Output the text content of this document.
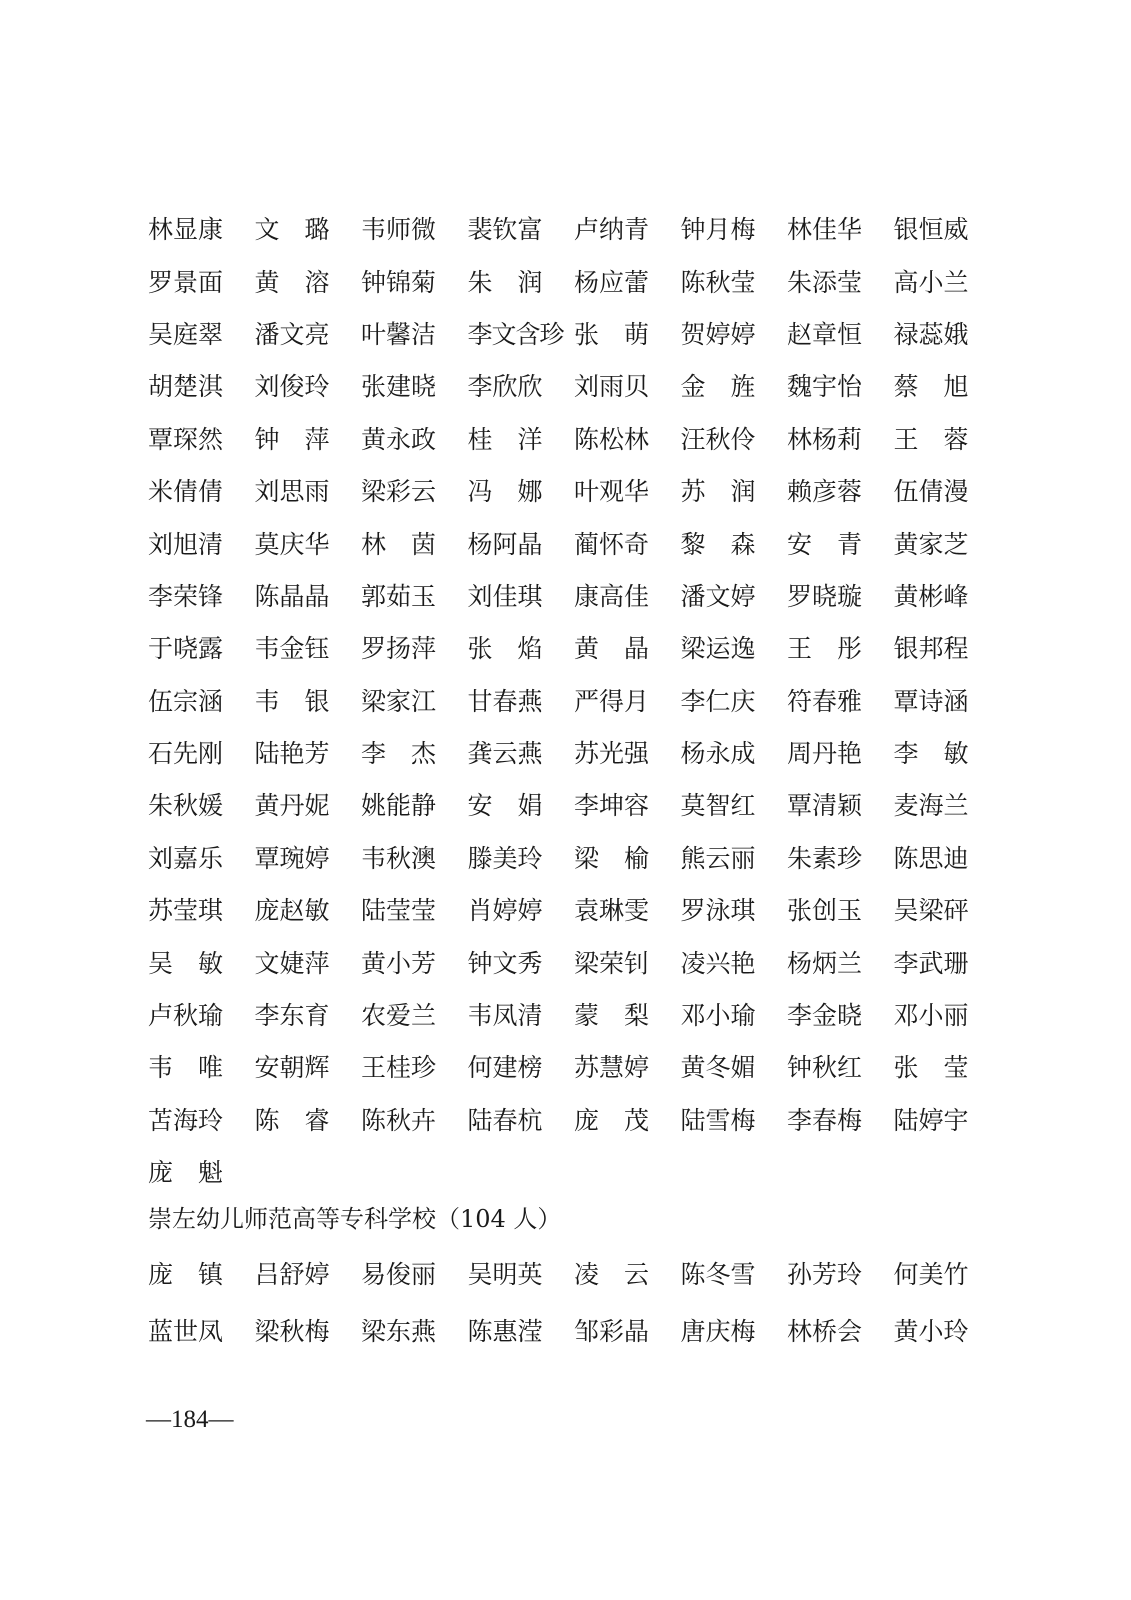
林显康	文　璐	韦师微	裴钦富	卢纳青	钟月梅	林佳华	银恒威
罗景面	黄　溶	钟锦菊	朱　润	杨应蕾	陈秋莹	朱添莹	高小兰
吴庭翠	潘文亮	叶馨洁	李文含珍 张　萌	贺婷婷	赵章恒	禄蕊娥
胡楚淇	刘俊玲	张建晓	李欣欣	刘雨贝	金　旌	魏宇怡	蔡　旭
覃琛然	钟　萍	黄永政	桂　洋	陈松林	汪秋伶	林杨莉	王　蓉
米倩倩	刘思雨	梁彩云	冯　娜	叶观华	苏　润	赖彦蓉	伍倩漫
刘旭清	莫庆华	林　茵	杨阿晶	蔺怀奇	黎　森	安　青	黄家芝
李荣锋	陈晶晶	郭茹玉	刘佳琪	康高佳	潘文婷	罗晓璇	黄彬峰
于哓露	韦金钰	罗扬萍	张　焰	黄　晶	梁运逸	王　彤	银邦程
伍宗涵	韦　银	梁家江	甘春燕	严得月	李仁庆	符春雅	覃诗涵
石先刚	陆艳芳	李　杰	龚云燕	苏光强	杨永成	周丹艳	李　敏
朱秋媛	黄丹妮	姚能静	安　娟	李坤容	莫智红	覃清颖	麦海兰
刘嘉乐	覃琬婷	韦秋澳	滕美玲	梁　榆	熊云丽	朱素珍	陈思迪
苏莹琪	庞赵敏	陆莹莹	肖婷婷	袁琳雯	罗泳琪	张创玉	吴梁砰
吴　敏	文婕萍	黄小芳	钟文秀	梁荣钊	凌兴艳	杨炳兰	李武珊
卢秋瑜	李东育	农爱兰	韦凤清	蒙　梨	邓小瑜	李金晓	邓小丽
韦　唯	安朝辉	王桂珍	何建榜	苏慧婷	黄冬媚	钟秋红	张　莹
苫海玲	陈　睿	陈秋卉	陆春杭	庞　茂	陆雪梅	李春梅	陆婷宇
庞　魁
崇左幼儿师范高等专科学校（104 人）
庞　镇	吕舒婷	易俊丽	吴明英	凌　云	陈冬雪	孙芳玲	何美竹
蓝世凤	梁秋梅	梁东燕	陈惠滢	邹彩晶	唐庆梅	林桥会	黄小玲
—184—
